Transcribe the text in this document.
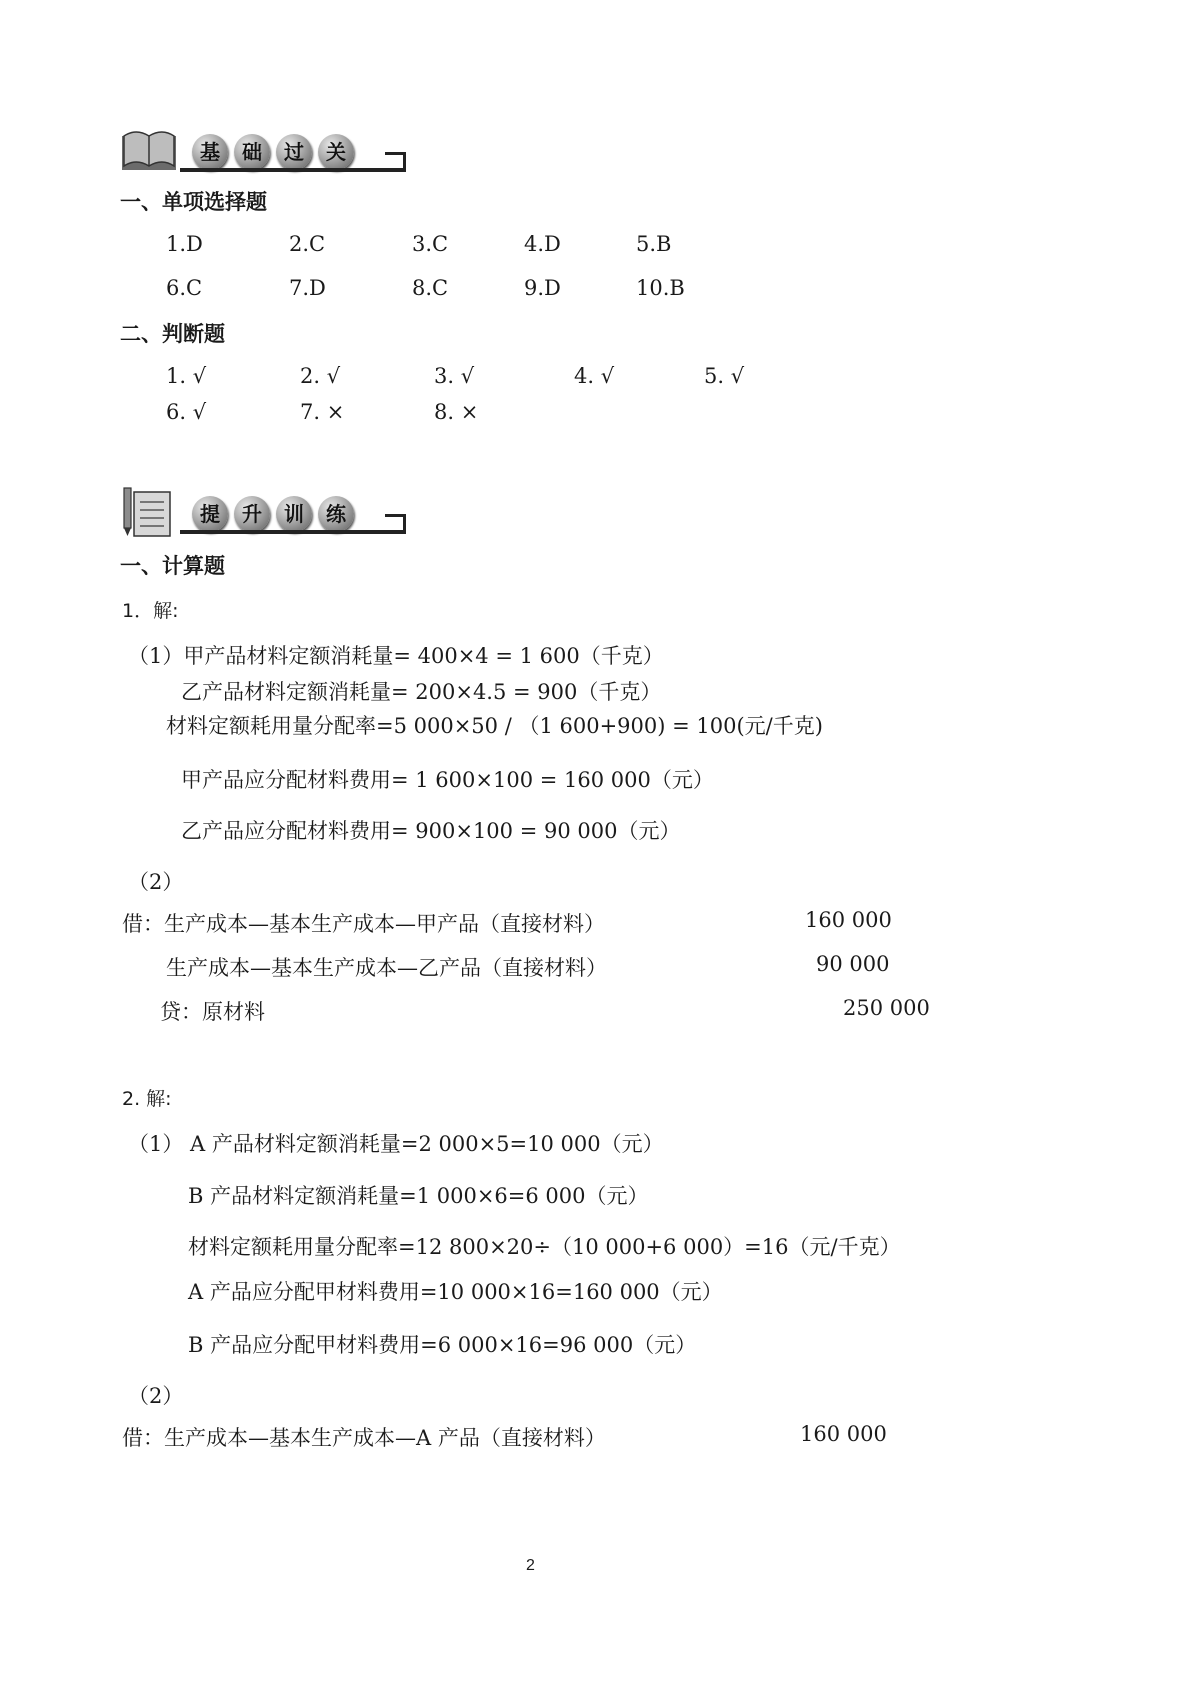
基	础	过	关
一、单项选择题
1.D	2.C	3.C	4.D	5.B
6.C	7.D	8.C	9.D	10.B
二、判断题
1. √	2. √	3. √	4. √	5. √
6. √	7. ×	8. ×
提	升	训	练
一、计算题
1．解:
（1）甲产品材料定额消耗量= 400×4 = 1 600（千克）
乙产品材料定额消耗量= 200×4.5 = 900（千克）
材料定额耗用量分配率=5 000×50 / （1 600+900) = 100(元/千克)
甲产品应分配材料费用= 1 600×100 = 160 000（元）
乙产品应分配材料费用= 900×100 = 90 000（元）
（2）
借：生产成本—基本生产成本—甲产品（直接材料）	160 000
生产成本—基本生产成本—乙产品（直接材料）	90 000
贷：原材料	250 000
2. 解:
（1） A 产品材料定额消耗量=2 000×5=10 000（元）
B 产品材料定额消耗量=1 000×6=6 000（元）
材料定额耗用量分配率=12 800×20÷（10 000+6 000）=16（元/千克）
A 产品应分配甲材料费用=10 000×16=160 000（元）
B 产品应分配甲材料费用=6 000×16=96 000（元）
（2）
借：生产成本—基本生产成本—A 产品（直接材料）	160 000
2
